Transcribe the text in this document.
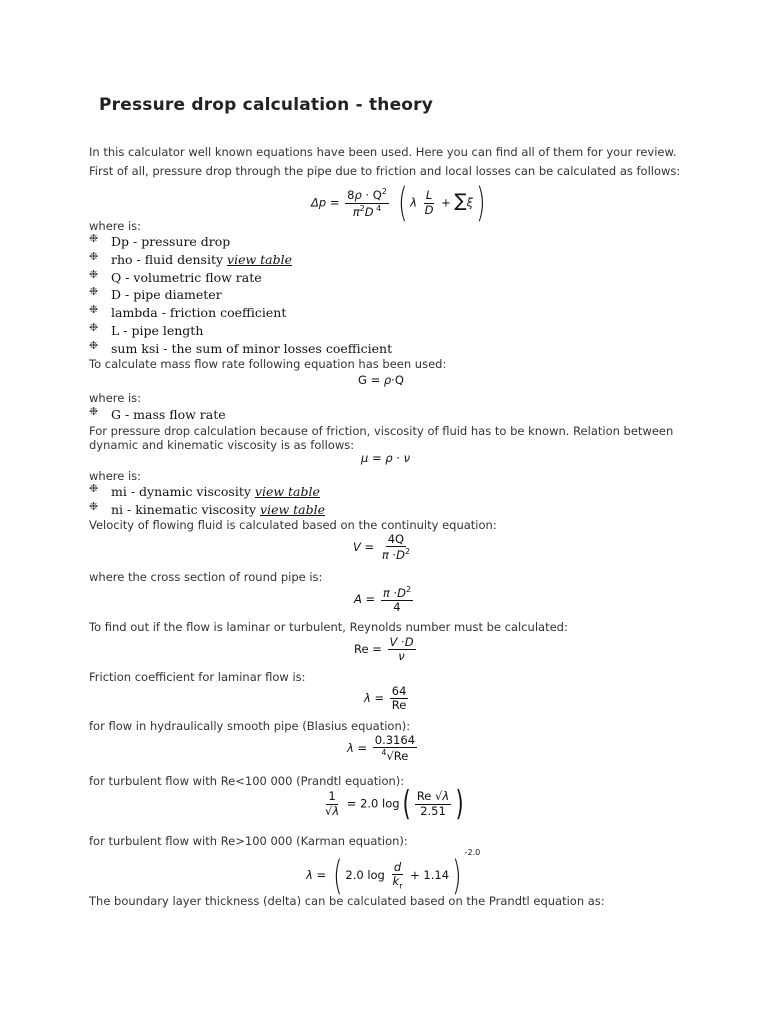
Pressure drop calculation - theory
In this calculator well known equations have been used. Here you can find all of them for your review.
First of all, pressure drop through the pipe due to friction and local losses can be calculated as follows:
$\Delta p = \frac{8\rho \cdot Q^2}{\pi^2D ^4}$ ( λ $\frac{L}{D} + \sum\xi$)
where is:
❉ Dp - pressure drop
❉ rho - fluid density view table
❉ Q - volumetric flow rate
❉ D - pipe diameter
❉ lambda - friction coefficient
❉ L - pipe length
❉ sum ksi - the sum of minor losses coefficient
To calculate mass flow rate following equation has been used:
G = ρ·Q
where is:
❉ G - mass flow rate
For pressure drop calculation because of friction, viscosity of fluid has to be known. Relation between
dynamic and kinematic viscosity is as follows:
μ = ρ · ν
where is:
❉ mi - dynamic viscosity view table
❉ ni - kinematic viscosity view table
Velocity of flowing fluid is calculated based on the continuity equation:
$V = \frac{4Q}{\pi \cdot D^2}$
where the cross section of round pipe is:
$A = \frac{\pi \cdot D^2}{4}$
To find out if the flow is laminar or turbulent, Reynolds number must be calculated:
$Re = \frac{V \cdot D}{\nu}$
Friction coefficient for laminar flow is:
$\lambda = \frac{64}{Re}$
for flow in hydraulically smooth pipe (Blasius equation):
$\lambda = \frac{0.3164}{^4√Re}$
for turbulent flow with Re<100 000 (Prandtl equation):
$\frac{1}{√\lambda} = 2.0$ $\log( \frac{Re √\lambda}{2.51}$ )
for turbulent flow with Re>100 000 (Karman equation):
λ = ( 2.0 $\log \frac{d}{k_r} + 1.14$) $^{-2.0}$
The boundary layer thickness (delta) can be calculated based on the Prandtl equation as:
